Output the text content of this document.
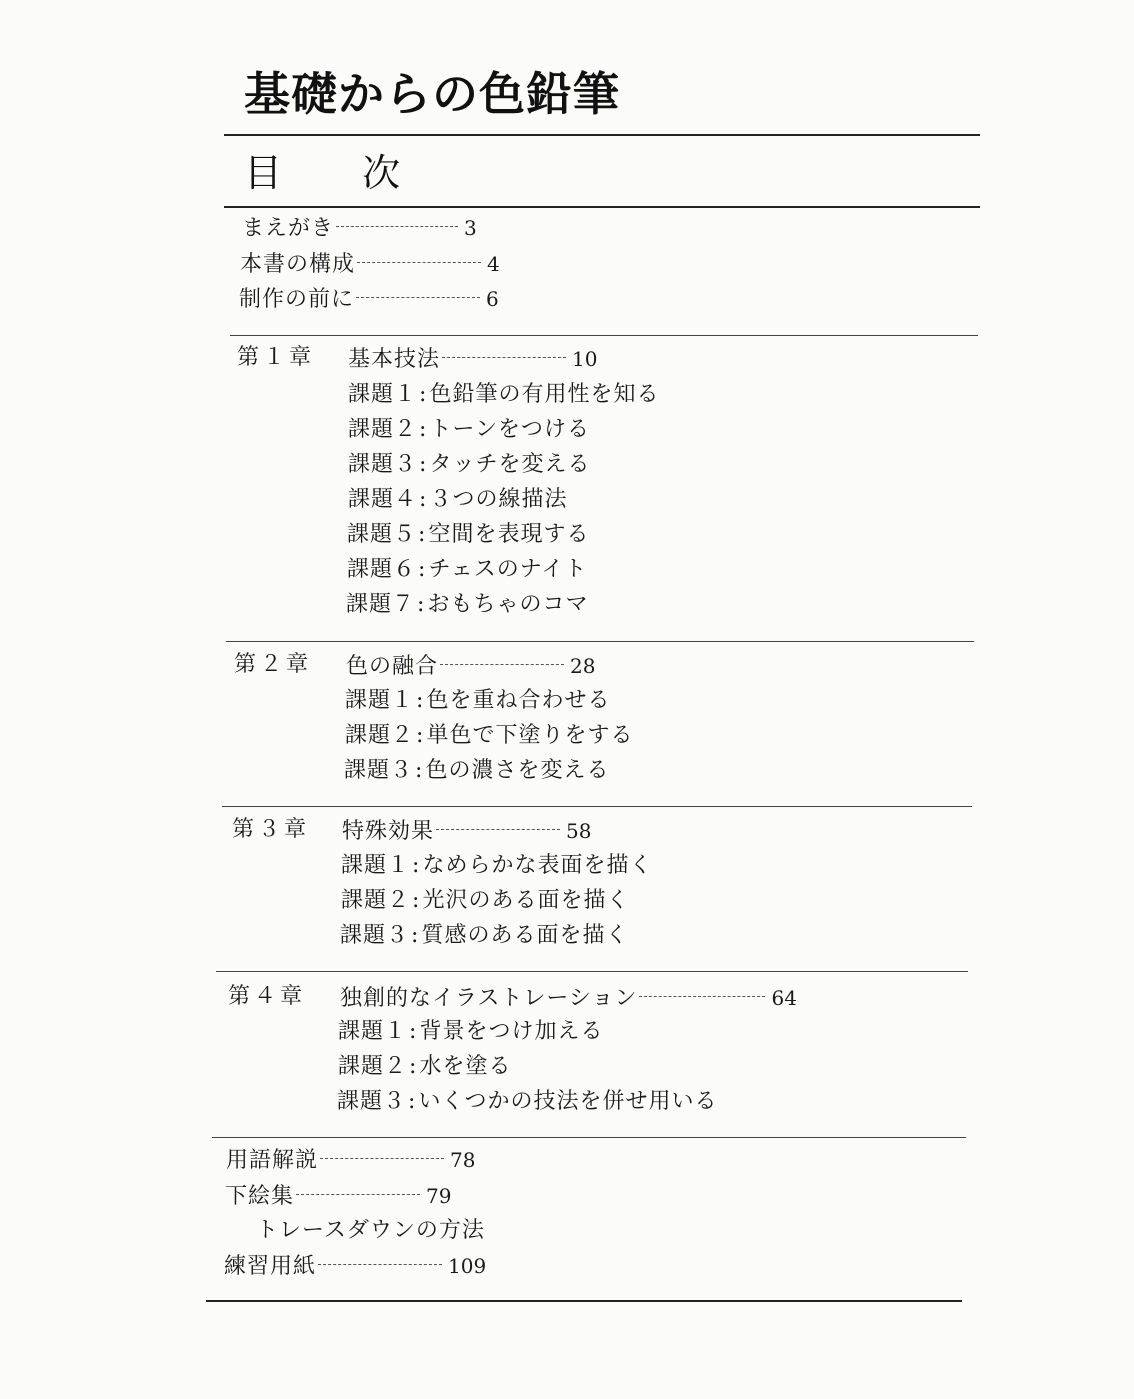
基礎からの色鉛筆
目 次
まえがき	3
本書の構成	4
制作の前に	6
第１章 基本技法	10
課題１ : 色鉛筆の有用性を知る
課題２ : トーンをつける
課題３ : タッチを変える
課題４ : ３つの線描法
課題５ : 空間を表現する
課題６ : チェスのナイト
課題７ : おもちゃのコマ
第２章 色の融合	28
課題１ : 色を重ね合わせる
課題２ : 単色で下塗りをする
課題３ : 色の濃さを変える
第３章 特殊効果	58
課題１ : なめらかな表面を描く
課題２ : 光沢のある面を描く
課題３ : 質感のある面を描く
第４章 独創的なイラストレーション	64
課題１ : 背景をつけ加える
課題２ : 水を塗る
課題３ : いくつかの技法を併せ用いる
用語解説	78
下絵集	79
トレースダウンの方法
練習用紙	109
